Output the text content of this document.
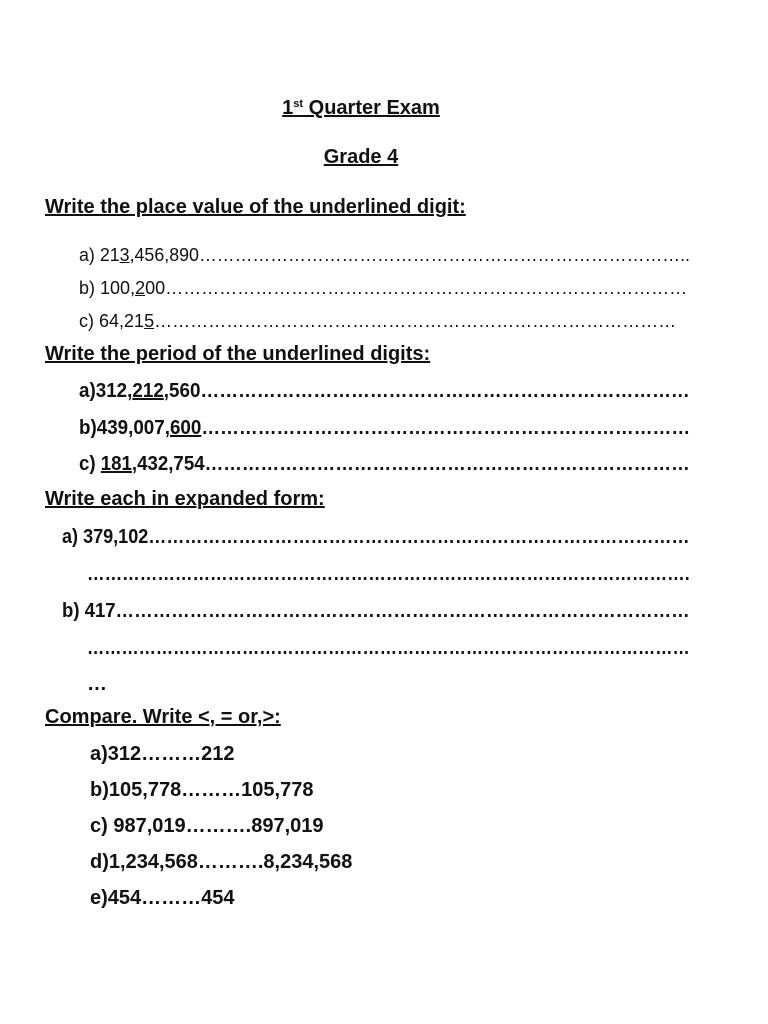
1st Quarter Exam
Grade 4
Write the place value of the underlined digit:
a) 213,456,890………………………………………………………………………..
b) 100,200……………………………………………………………………………
c) 64,215……………………………………………………………………………
Write the period of the underlined digits:
a)312,212,560……………………………………………………………………
b)439,007,600……………………………………………………………………
c) 181,432,754……………………………………………………………………
Write each in expanded form:
a) 379,102………………………………………………………………………………
………………………………………………………………………………………….
b) 417…………………………………………………………………………………
……………………………………………………………………………………………
…
Compare. Write <, = or,>:
a)312………212
b)105,778………105,778
c) 987,019……….897,019
d)1,234,568……….8,234,568
e)454………454
